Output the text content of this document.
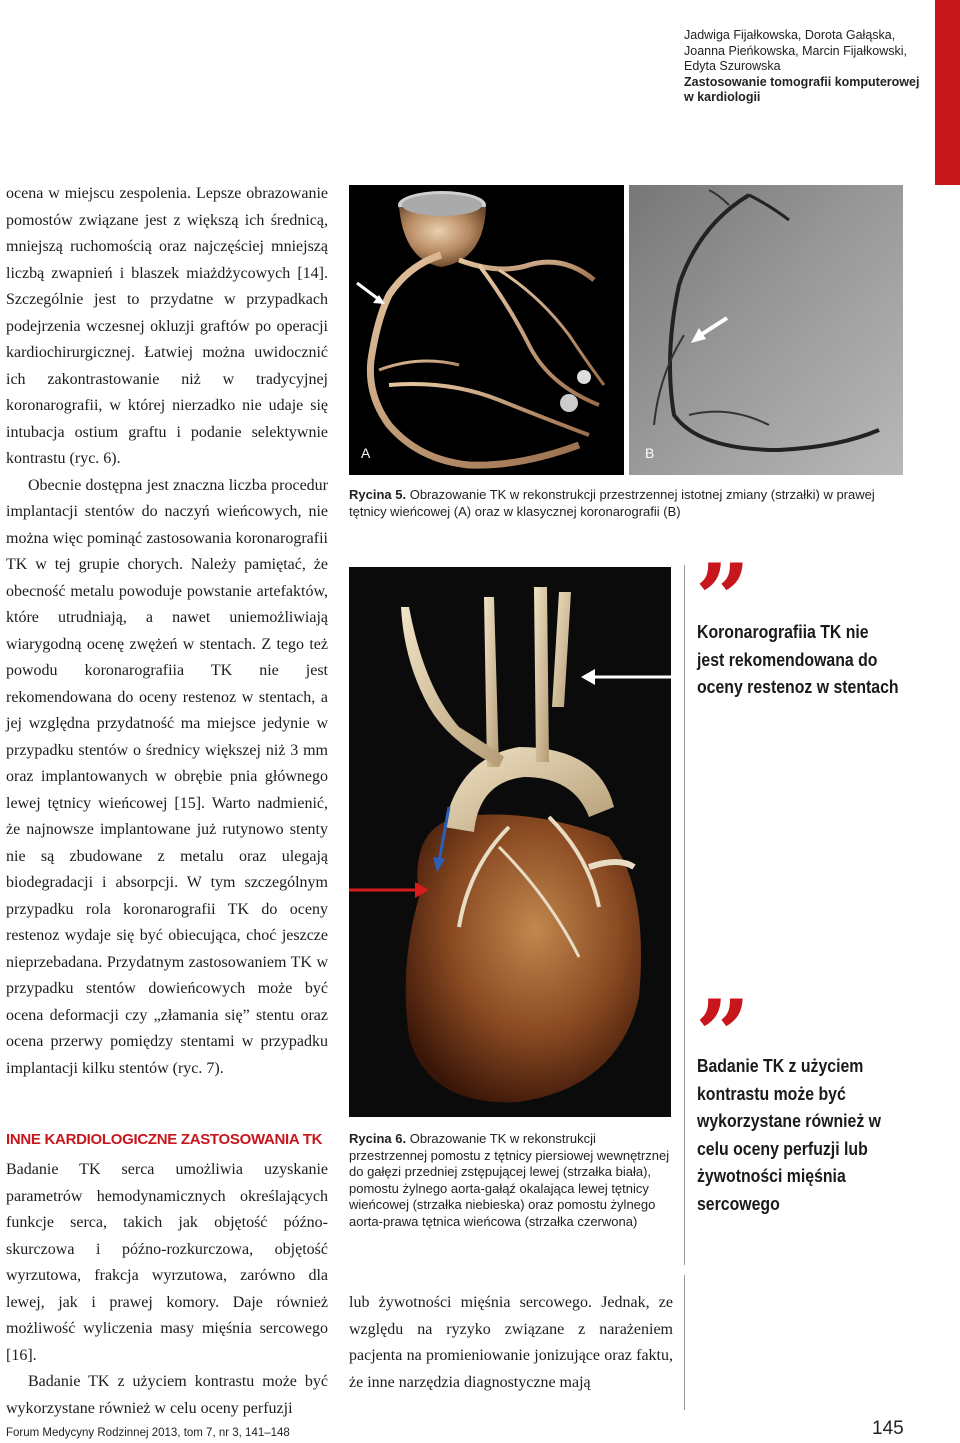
Jadwiga Fijałkowska, Dorota Gałąska,
Joanna Pieńkowska, Marcin Fijałkowski,
Edyta Szurowska
Zastosowanie tomografii komputerowej
w kardiologii

ocena w miejscu zespolenia. Lepsze obrazowanie pomostów związane jest z większą ich średnicą, mniejszą ruchomością oraz najczęściej mniejszą liczbą zwapnień i blaszek miażdżycowych [14]. Szczególnie jest to przydatne w przypadkach podejrzenia wczesnej okluzji graftów po operacji kardiochirurgicznej. Łatwiej można uwidocznić ich zakontrastowanie niż w tradycyjnej koronarografii, w której nierzadko nie udaje się intubacja ostium graftu i podanie selektywnie kontrastu (ryc. 6).

Obecnie dostępna jest znaczna liczba procedur implantacji stentów do naczyń wieńcowych, nie można więc pominąć zastosowania koronarografii TK w tej grupie chorych. Należy pamiętać, że obecność metalu powoduje powstanie artefaktów, które utrudniają, a nawet uniemożliwiają wiarygodną ocenę zwężeń w stentach. Z tego też powodu koronarografiia TK nie jest rekomendowana do oceny restenoz w stentach, a jej względna przydatność ma miejsce jedynie w przypadku stentów o średnicy większej niż 3 mm oraz implantowanych w obrębie pnia głównego lewej tętnicy wieńcowej [15]. Warto nadmienić, że najnowsze implantowane już rutynowo stenty nie są zbudowane z metalu oraz ulegają biodegradacji i absorpcji. W tym szczególnym przypadku rola koronarografii TK do oceny restenoz wydaje się być obiecująca, choć jeszcze nieprzebadana. Przydatnym zastosowaniem TK w przypadku stentów dowieńcowych może być ocena deformacji czy „złamania się” stentu oraz ocena przerwy pomiędzy stentami w przypadku implantacji kilku stentów (ryc. 7).

INNE KARDIOLOGICZNE ZASTOSOWANIA TK

Badanie TK serca umożliwia uzyskanie parametrów hemodynamicznych określających funkcje serca, takich jak objętość późno-skurczowa i późno-rozkurczowa, objętość wyrzutowa, frakcja wyrzutowa, zarówno dla lewej, jak i prawej komory. Daje również możliwość wyliczenia masy mięśnia sercowego [16].

Badanie TK z użyciem kontrastu może być wykorzystane również w celu oceny perfuzji

A	B
Rycina 5. Obrazowanie TK w rekonstrukcji przestrzennej istotnej zmiany (strzałki) w prawej tętnicy wieńcowej (A) oraz w klasycznej koronarografii (B)
Rycina 6. Obrazowanie TK w rekonstrukcji przestrzennej pomostu z tętnicy piersiowej wewnętrznej do gałęzi przedniej zstępującej lewej (strzałka biała), pomostu żylnego aorta-gałąź okalająca lewej tętnicy wieńcowej (strzałka niebieska) oraz pomostu żylnego aorta-prawa tętnica wieńcowa (strzałka czerwona)
”
Koronarografiia TK nie jest rekomendowana do oceny restenoz w stentach
”
Badanie TK z użyciem kontrastu może być wykorzystane również w celu oceny perfuzji lub żywotności mięśnia sercowego
lub żywotności mięśnia sercowego. Jednak, ze względu na ryzyko związane z narażeniem pacjenta na promieniowanie jonizujące oraz faktu, że inne narzędzia diagnostyczne mają
Forum Medycyny Rodzinnej 2013, tom 7, nr 3, 141–148	145
